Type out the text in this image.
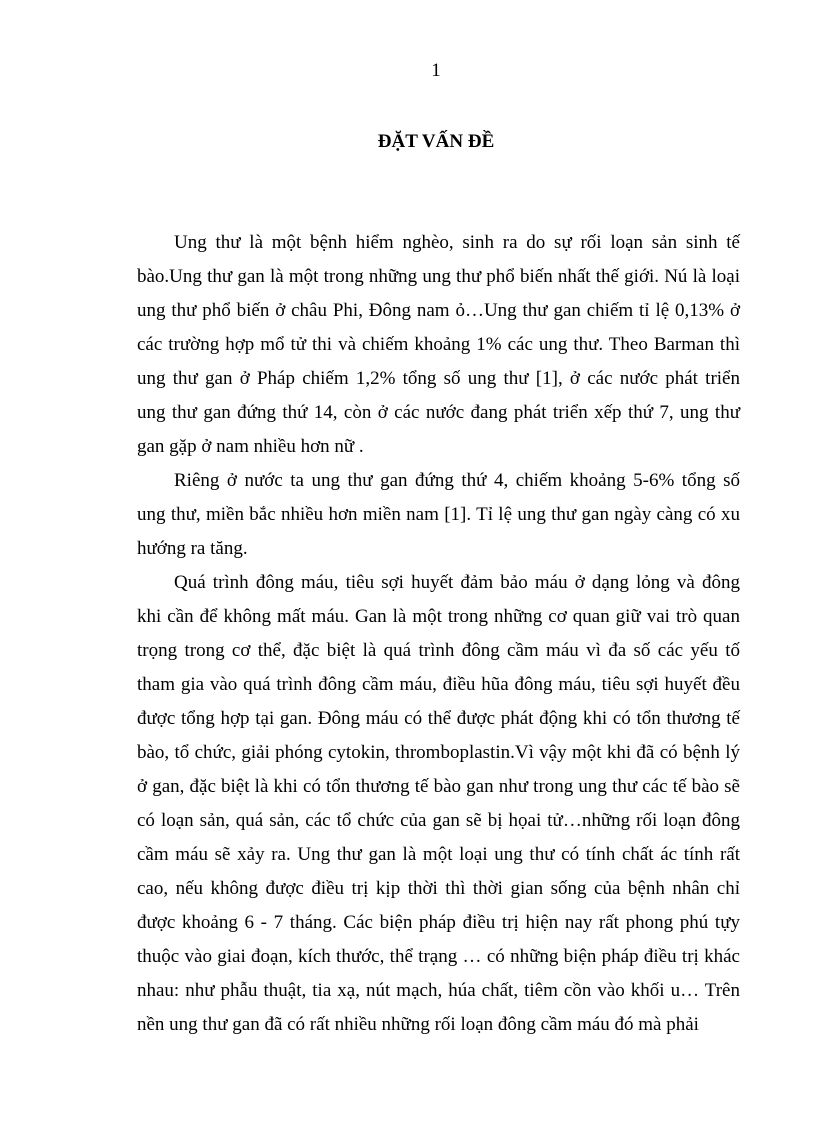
1
ĐẶT VẤN ĐỀ

Ung thư là một bệnh hiểm nghèo, sinh ra do sự rối loạn sản sinh tế
bào.Ung thư gan là một trong những ung thư phổ biến nhất thế giới. Nú là loại
ung thư phổ biến ở châu Phi, Đông nam ỏ…Ung thư gan chiếm tỉ lệ 0,13% ở
các trường hợp mổ tử thi và chiếm khoảng 1% các ung thư. Theo Barman thì
ung thư gan ở Pháp chiếm 1,2% tổng số ung thư [1], ở các nước phát triển
ung thư gan đứng thứ 14, còn ở các nước đang phát triển xếp thứ 7, ung thư
gan gặp ở nam nhiều hơn nữ .

Riêng ở nước ta ung thư gan đứng thứ 4, chiếm khoảng 5-6% tổng số
ung thư, miền bắc nhiều hơn miền nam [1]. Tỉ lệ ung thư gan ngày càng có xu
hướng ra tăng.

Quá trình đông máu, tiêu sợi huyết đảm bảo máu ở dạng lỏng và đông
khi cần để không mất máu. Gan là một trong những cơ quan giữ vai trò quan
trọng trong cơ thể, đặc biệt là quá trình đông cầm máu vì đa số các yếu tố
tham gia vào quá trình đông cầm máu, điều hũa đông máu, tiêu sợi huyết đều
được tổng hợp tại gan. Đông máu có thể được phát động khi có tổn thương tế
bào, tổ chức, giải phóng cytokin, thromboplastin.Vì vậy một khi đã có bệnh lý
ở gan, đặc biệt là khi có tổn thương tế bào gan như trong ung thư các tế bào sẽ
có loạn sản, quá sản, các tổ chức của gan sẽ bị họai tử…những rối loạn đông
cầm máu sẽ xảy ra. Ung thư gan là một loại ung thư có tính chất ác tính rất
cao, nếu không được điều trị kịp thời thì thời gian sống của bệnh nhân chỉ
được khoảng 6 - 7 tháng. Các biện pháp điều trị hiện nay rất phong phú tựy
thuộc vào giai đoạn, kích thước, thể trạng … có những biện pháp điều trị khác
nhau: như phẫu thuật, tia xạ, nút mạch, húa chất, tiêm cồn vào khối u… Trên
nền ung thư gan đã có rất nhiều những rối loạn đông cầm máu đó mà phải
